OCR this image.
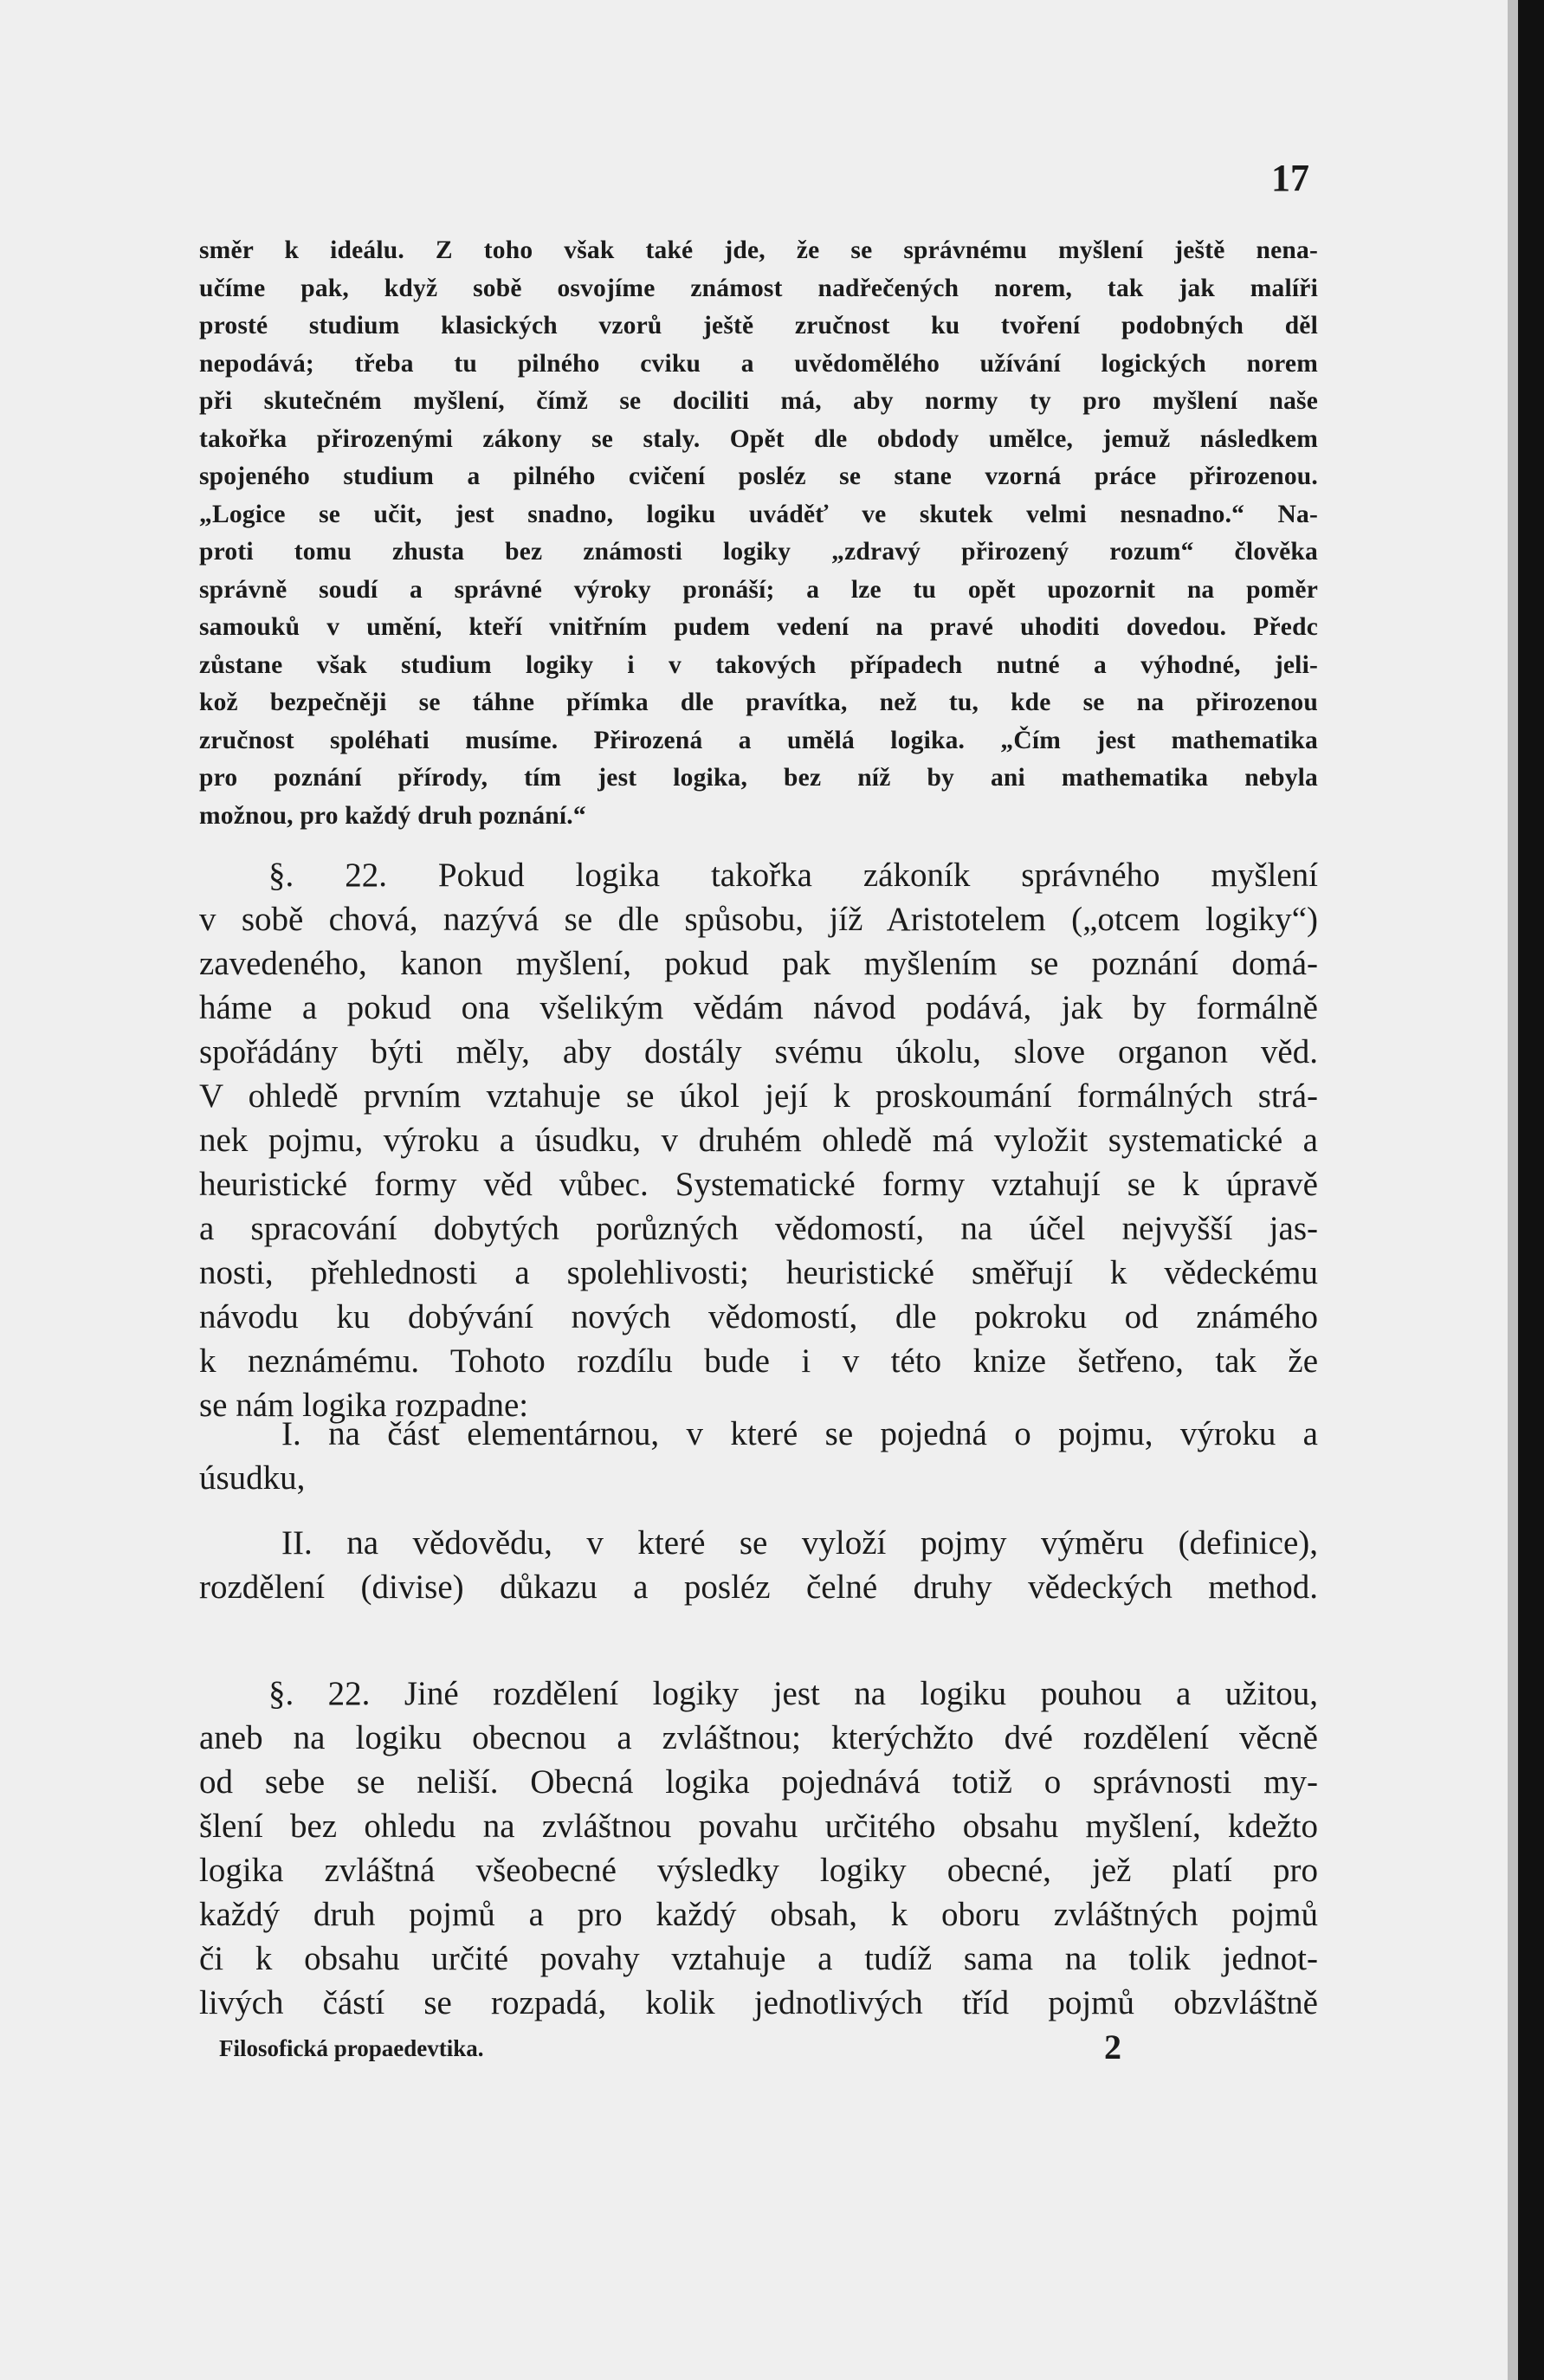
17
směr k ideálu. Z toho však také jde, že se správnému myšlení ještě nena-
učíme pak, když sobě osvojíme známost nadřečených norem, tak jak malíři
prosté studium klasických vzorů ještě zručnost ku tvoření podobných děl
nepodává; třeba tu pilného cviku a uvědomělého užívání logických norem
při skutečném myšlení, čímž se dociliti má, aby normy ty pro myšlení naše
takořka přirozenými zákony se staly. Opět dle obdody umělce, jemuž následkem
spojeného studium a pilného cvičení posléz se stane vzorná práce přirozenou.
„Logice se učit, jest snadno, logiku uváděť ve skutek velmi nesnadno.“ Na-
proti tomu zhusta bez známosti logiky „zdravý přirozený rozum“ člověka
správně soudí a správné výroky pronáší; a lze tu opět upozornit na poměr
samouků v umění, kteří vnitřním pudem vedení na pravé uhoditi dovedou. Předc
zůstane však studium logiky i v takových případech nutné a výhodné, jeli-
kož bezpečněji se táhne přímka dle pravítka, než tu, kde se na přirozenou
zručnost spoléhati musíme. Přirozená a umělá logika. „Čím jest mathematika
pro poznání přírody, tím jest logika, bez níž by ani mathematika nebyla
možnou, pro každý druh poznání.“
§. 22. Pokud logika takořka zákoník správného myšlení
v sobě chová, nazývá se dle spůsobu, jíž Aristotelem („otcem logiky“)
zavedeného, kanon myšlení, pokud pak myšlením se poznání domá-
háme a pokud ona všelikým vědám návod podává, jak by formálně
spořádány býti měly, aby dostály svému úkolu, slove organon věd.
V ohledě prvním vztahuje se úkol její k proskoumání formálných strá-
nek pojmu, výroku a úsudku, v druhém ohledě má vyložit systematické a
heuristické formy věd vůbec. Systematické formy vztahují se k úpravě
a spracování dobytých porůzných vědomostí, na účel nejvyšší jas-
nosti, přehlednosti a spolehlivosti; heuristické směřují k vědeckému
návodu ku dobývání nových vědomostí, dle pokroku od známého
k neznámému. Tohoto rozdílu bude i v této knize šetřeno, tak že
se nám logika rozpadne:
I. na část elementárnou, v které se pojedná o pojmu, výroku a
úsudku,
II. na vědovědu, v které se vyloží pojmy výměru (definice),
rozdělení (divise) důkazu a posléz čelné druhy vědeckých method.
§. 22. Jiné rozdělení logiky jest na logiku pouhou a užitou,
aneb na logiku obecnou a zvláštnou; kterýchžto dvé rozdělení věcně
od sebe se neliší. Obecná logika pojednává totiž o správnosti my-
šlení bez ohledu na zvláštnou povahu určitého obsahu myšlení, kdežto
logika zvláštná všeobecné výsledky logiky obecné, jež platí pro
každý druh pojmů a pro každý obsah, k oboru zvláštných pojmů
či k obsahu určité povahy vztahuje a tudíž sama na tolik jednot-
livých částí se rozpadá, kolik jednotlivých tříd pojmů obzvláštně
Filosofická propaedevtika.	2
